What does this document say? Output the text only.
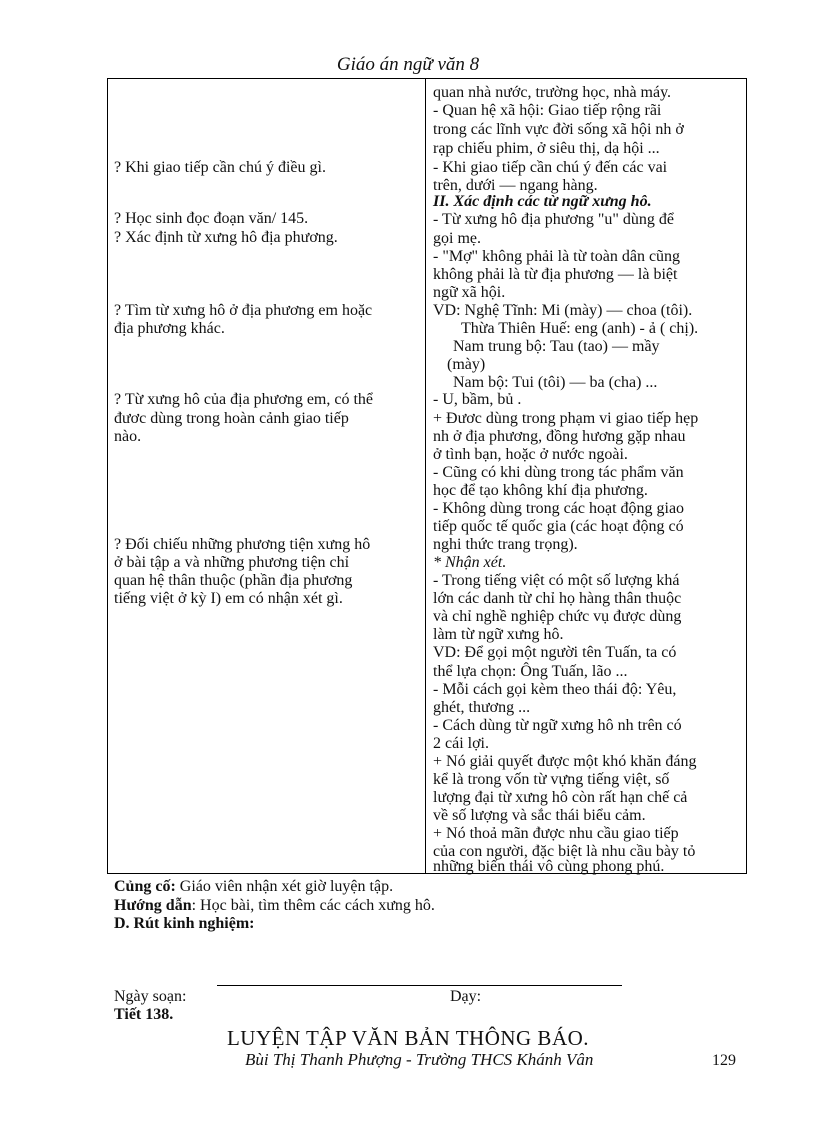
Giáo án ngữ văn 8
? Khi giao tiếp cần chú ý điều gì.
? Học sinh đọc đoạn văn/ 145.
? Xác định từ xưng hô địa phương.
? Tìm từ xưng hô ở địa phương em hoặc
địa phương khác.
? Từ xưng hô của địa phương em, có thể
đươc dùng trong hoàn cảnh giao tiếp
nào.
? Đối chiếu những phương tiện xưng hô
ở bài tập a và những phương tiện chỉ
quan hệ thân thuộc (phần địa phương
tiếng việt ở kỳ I) em có nhận xét gì.
quan nhà nước, trường học, nhà máy.
- Quan hệ xã hội: Giao tiếp rộng rãi
trong các lĩnh vực đời sống xã hội nh ở
rạp chiếu phim, ở siêu thị, dạ hội ...
- Khi giao tiếp cần chú ý đến các vai
trên, dưới — ngang hàng.
II. Xác định các từ ngữ xưng hô.
- Từ xưng hô địa phương "u" dùng để
gọi mẹ.
- "Mợ" không phải là từ toàn dân cũng
không phải là từ địa phương — là biệt
ngữ xã hội.
VD: Nghệ Tĩnh: Mi (mày) — choa (tôi).
Thừa Thiên Huế: eng (anh) - ả ( chị).
Nam trung bộ: Tau (tao) — mầy
(mày)
Nam bộ: Tui (tôi) — ba (cha) ...
- U, bầm, bủ .
+ Đươc dùng trong phạm vi giao tiếp hẹp
nh ở địa phương, đồng hương gặp nhau
ở tình bạn, hoặc ở nước ngoài.
- Cũng có khi dùng trong tác phẩm văn
học để tạo không khí địa phương.
- Không dùng trong các hoạt động giao
tiếp quốc tế quốc gia (các hoạt động có
nghi thức trang trọng).
* Nhận xét.
- Trong tiếng việt có một số lượng khá
lớn các danh từ chỉ họ hàng thân thuộc
và chỉ nghề nghiệp chức vụ được dùng
làm từ ngữ xưng hô.
VD: Để gọi một người tên Tuấn, ta có
thể lựa chọn: Ông Tuấn, lão ...
- Mỗi cách gọi kèm theo thái độ: Yêu,
ghét, thương ...
- Cách dùng từ ngữ xưng hô nh trên có
2 cái lợi.
+ Nó giải quyết được một khó khăn đáng
kể là trong vốn từ vựng tiếng việt, số
lượng đại từ xưng hô còn rất hạn chế cả
về số lượng và sắc thái biểu cảm.
+ Nó thoả mãn được nhu cầu giao tiếp
của con người, đặc biệt là nhu cầu bày tỏ
những biến thái vô cùng phong phú.
Củng cố: Giáo viên nhận xét giờ luyện tập.
Hướng dẫn: Học bài, tìm thêm các cách xưng hô.
D. Rút kinh nghiệm:
Ngày soạn:	Dạy:
Tiết 138.
LUYỆN TẬP VĂN BẢN THÔNG BÁO.
Bùi Thị Thanh Phượng - Trường THCS Khánh Vân	129
